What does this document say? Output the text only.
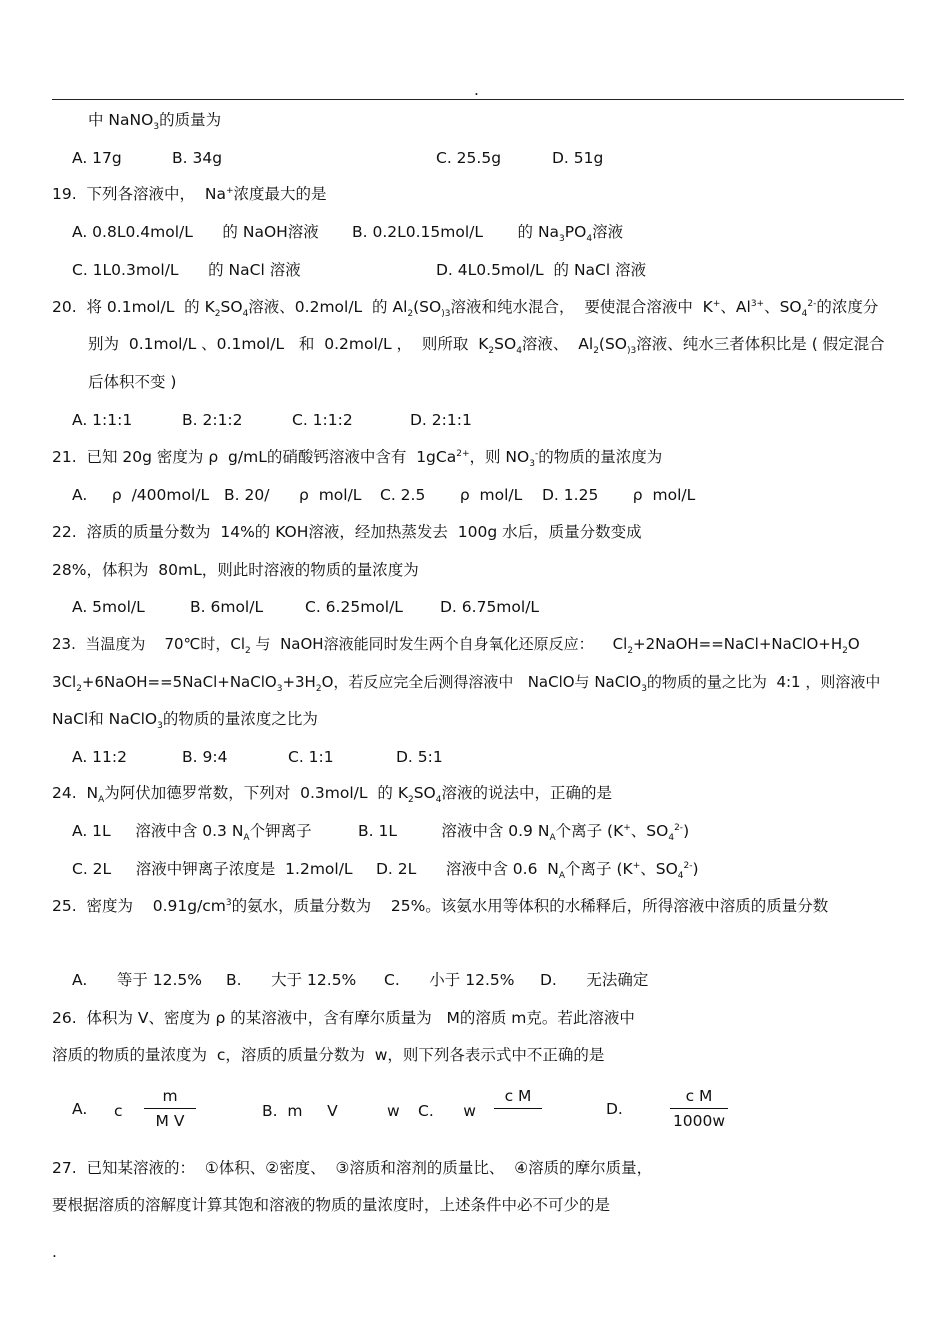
.
中 NaNO$_3$的质量为
A. 17g	B. 34g	C. 25.5g	D. 51g
19.  下列各溶液中，  Na+浓度最大的是
A. 0.8L0.4mol/L      的 NaOH溶液 B. 0.2L0.15mol/L       的 $Na_3PO_4$溶液
C. 1L0.3mol/L      的 NaCl 溶液	D. 4L0.5mol/L  的 NaCl 溶液
20.  将 0.1mol/L  的 $K_2SO_4$溶液、0.2mol/L  的 $Al_2(SO_{)3}$溶液和纯水混合，  要使混合溶液中  K+、$Al^{3+}$、$SO_4^{2-}$的浓度分
别为  0.1mol/L 、0.1mol/L   和  0.2mol/L ，  则所取  $K_2SO_4$溶液、  $Al_2(SO_{)3}$溶液、纯水三者体积比是 ( 假定混合
后体积不变 )
A. 1:1:1	B. 2:1:2	C. 1:1:2	D. 2:1:1
21.  已知 20g 密度为 ρ  g/mL的硝酸钙溶液中含有  1gCa$^{2+}$，则 $NO_3^-$的物质的量浓度为
A.     ρ  /400mol/L B. 20/      ρ  mol/L C. 2.5       ρ  mol/L D. 1.25       ρ  mol/L
22.  溶质的质量分数为  14%的 KOH溶液，经加热蒸发去  100g 水后，质量分数变成
28%，体积为  80mL，则此时溶液的物质的量浓度为
A. 5mol/L	B. 6mol/L	C. 6.25mol/L D. 6.75mol/L
23.  当温度为    70℃时，$Cl_2$ 与  NaOH溶液能同时发生两个自身氧化还原反应：    $Cl_2+2NaOH==NaCl+NaClO+H_2O$
$3Cl_2+6NaOH==5NaCl+NaClO_3+3H_2O$，若反应完全后测得溶液中   NaClO与 NaClO$_3$的物质的量之比为  4:1 ，则溶液中
NaCl和 NaClO$_3$的物质的量浓度之比为
A. 11:2	B. 9:4	C. 1:1	D. 5:1
24.  $N_A$为阿伏加德罗常数，下列对  0.3mol/L  的 $K_2SO_4$溶液的说法中，正确的是
A. 1L     溶液中含 0.3 $N_A$个钾离子	B. 1L         溶液中含 0.9 $N_A$个离子 (K+、$SO_4^{2-}$)
C. 2L     溶液中钾离子浓度是  1.2mol/L D. 2L      溶液中含 0.6  $N_A$个离子 (K+、$SO_4^{2-}$)
25.  密度为    $0.91g/cm^3$的氨水，质量分数为    25%。该氨水用等体积的水稀释后，所得溶液中溶质的质量分数
A.      等于 12.5% B.      大于 12.5% C.      小于 12.5% D.      无法确定
26.  体积为 V、密度为 ρ 的某溶液中，含有摩尔质量为   M的溶质 m克。若此溶液中
溶质的物质的量浓度为  c，溶质的质量分数为  w，则下列各表示式中不正确的是
A. c
m
M V
B.  m     V          w C.      w
c M
D.
c M
1000w
27.  已知某溶液的：  ①体积、②密度、  ③溶质和溶剂的质量比、  ④溶质的摩尔质量，
要根据溶质的溶解度计算其饱和溶液的物质的量浓度时，上述条件中必不可少的是
.
